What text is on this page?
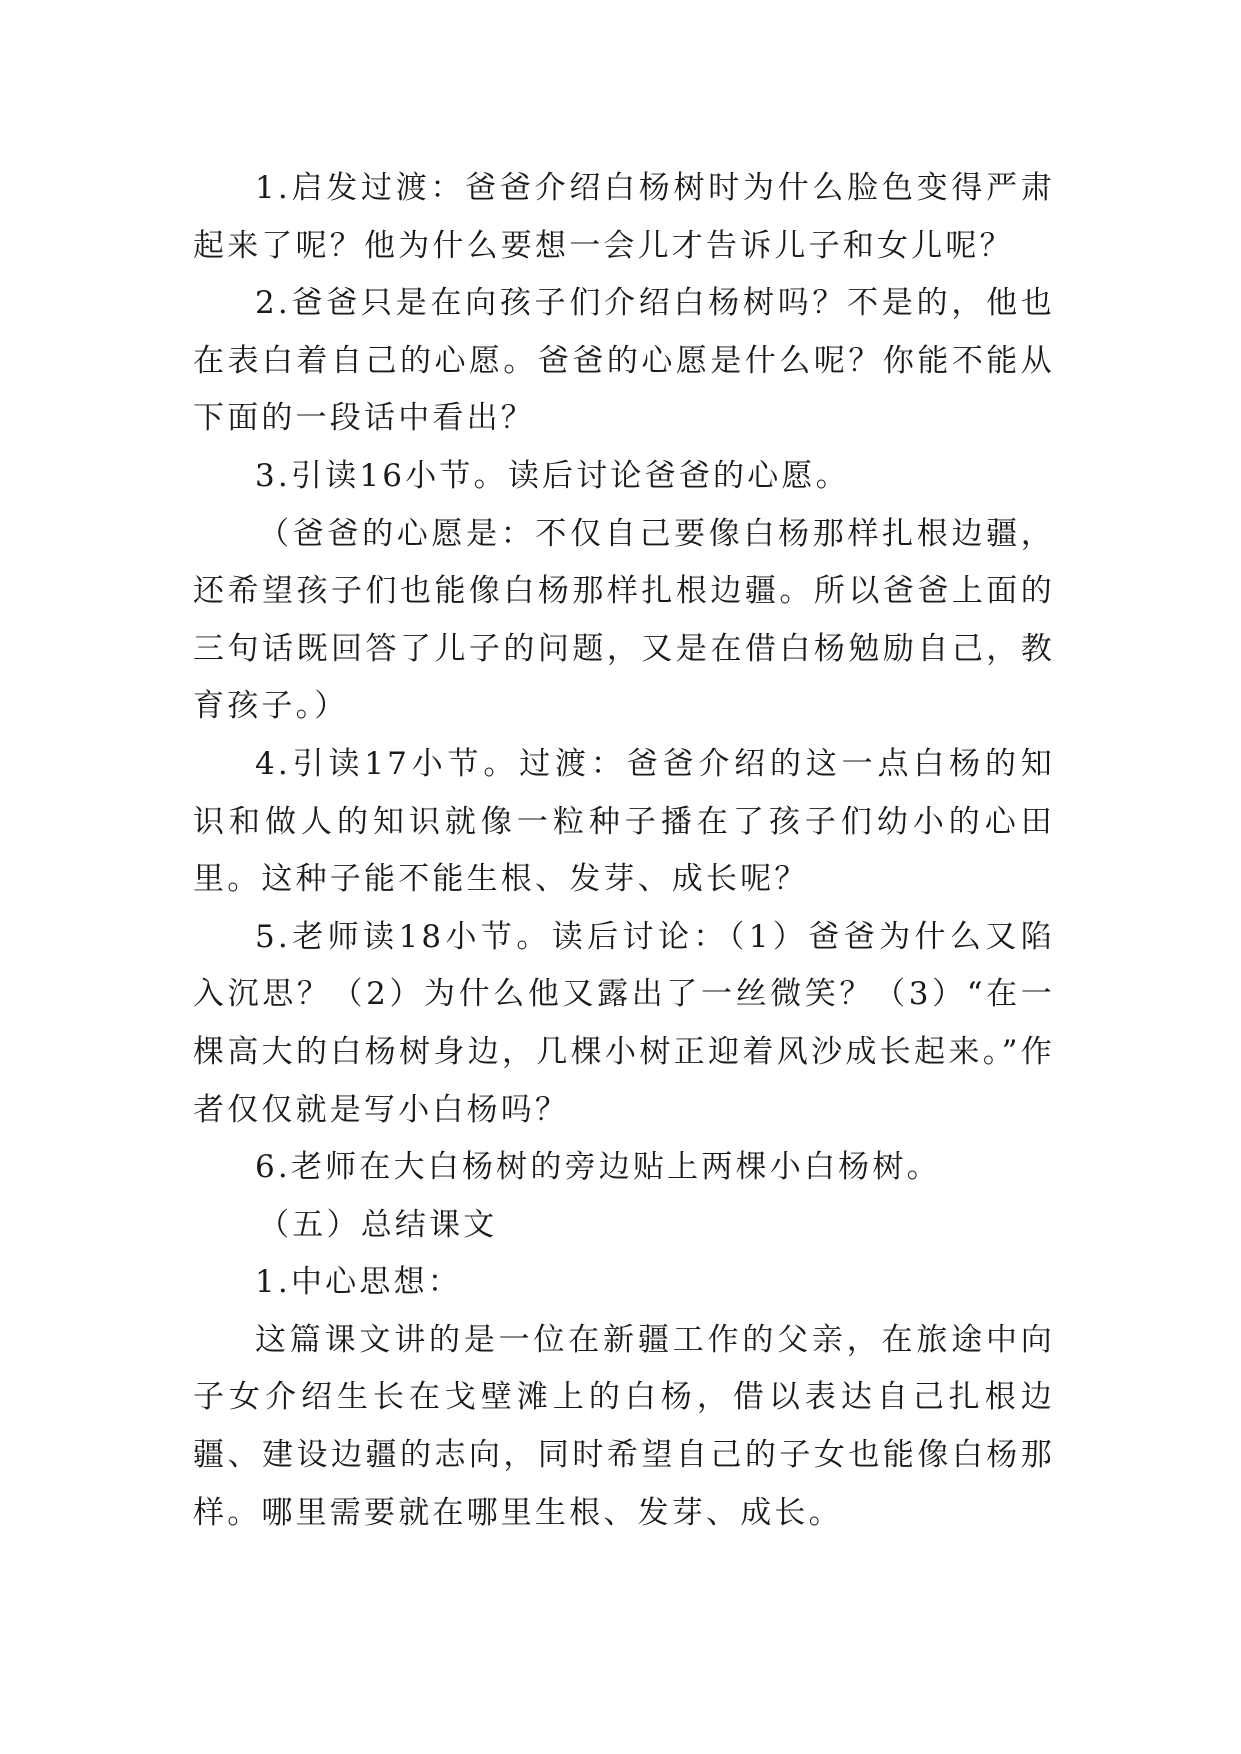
1.启发过渡：爸爸介绍白杨树时为什么脸色变得严肃起来了呢？他为什么要想一会儿才告诉儿子和女儿呢？

2.爸爸只是在向孩子们介绍白杨树吗？不是的，他也在表白着自己的心愿。爸爸的心愿是什么呢？你能不能从下面的一段话中看出？

3.引读16小节。读后讨论爸爸的心愿。

（爸爸的心愿是：不仅自己要像白杨那样扎根边疆，还希望孩子们也能像白杨那样扎根边疆。所以爸爸上面的三句话既回答了儿子的问题，又是在借白杨勉励自己，教育孩子。）

4.引读17小节。过渡：爸爸介绍的这一点白杨的知识和做人的知识就像一粒种子播在了孩子们幼小的心田里。这种子能不能生根、发芽、成长呢？

5.老师读18小节。读后讨论：（1）爸爸为什么又陷入沉思？（2）为什么他又露出了一丝微笑？（3）“在一棵高大的白杨树身边，几棵小树正迎着风沙成长起来。”作者仅仅就是写小白杨吗？

6.老师在大白杨树的旁边贴上两棵小白杨树。

（五）总结课文

1.中心思想：

这篇课文讲的是一位在新疆工作的父亲，在旅途中向子女介绍生长在戈壁滩上的白杨，借以表达自己扎根边疆、建设边疆的志向，同时希望自己的子女也能像白杨那样。哪里需要就在哪里生根、发芽、成长。
